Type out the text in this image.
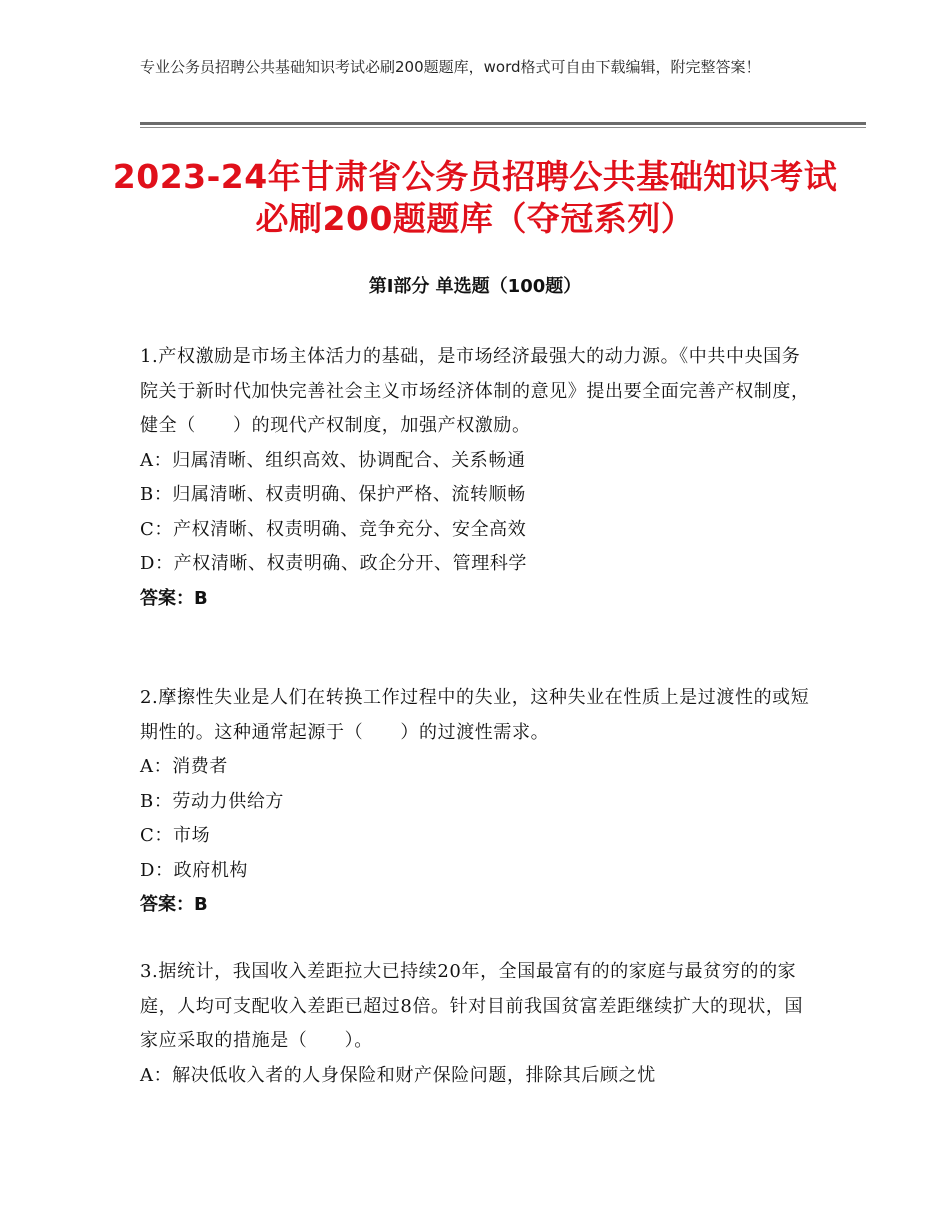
专业公务员招聘公共基础知识考试必刷200题题库，word格式可自由下载编辑，附完整答案！
2023-24年甘肃省公务员招聘公共基础知识考试必刷200题题库（夺冠系列）
第Ⅰ部分 单选题（100题）

1.产权激励是市场主体活力的基础，是市场经济最强大的动力源。《中共中央国务院关于新时代加快完善社会主义市场经济体制的意见》提出要全面完善产权制度，健全（　　）的现代产权制度，加强产权激励。

A：归属清晰、组织高效、协调配合、关系畅通

B：归属清晰、权责明确、保护严格、流转顺畅

C：产权清晰、权责明确、竞争充分、安全高效

D：产权清晰、权责明确、政企分开、管理科学

答案：B

2.摩擦性失业是人们在转换工作过程中的失业，这种失业在性质上是过渡性的或短期性的。这种通常起源于（　　）的过渡性需求。

A：消费者

B：劳动力供给方

C：市场

D：政府机构

答案：B

3.据统计，我国收入差距拉大已持续20年，全国最富有的的家庭与最贫穷的的家庭，人均可支配收入差距已超过8倍。针对目前我国贫富差距继续扩大的现状，国家应采取的措施是（　　）。

A：解决低收入者的人身保险和财产保险问题，排除其后顾之忧
